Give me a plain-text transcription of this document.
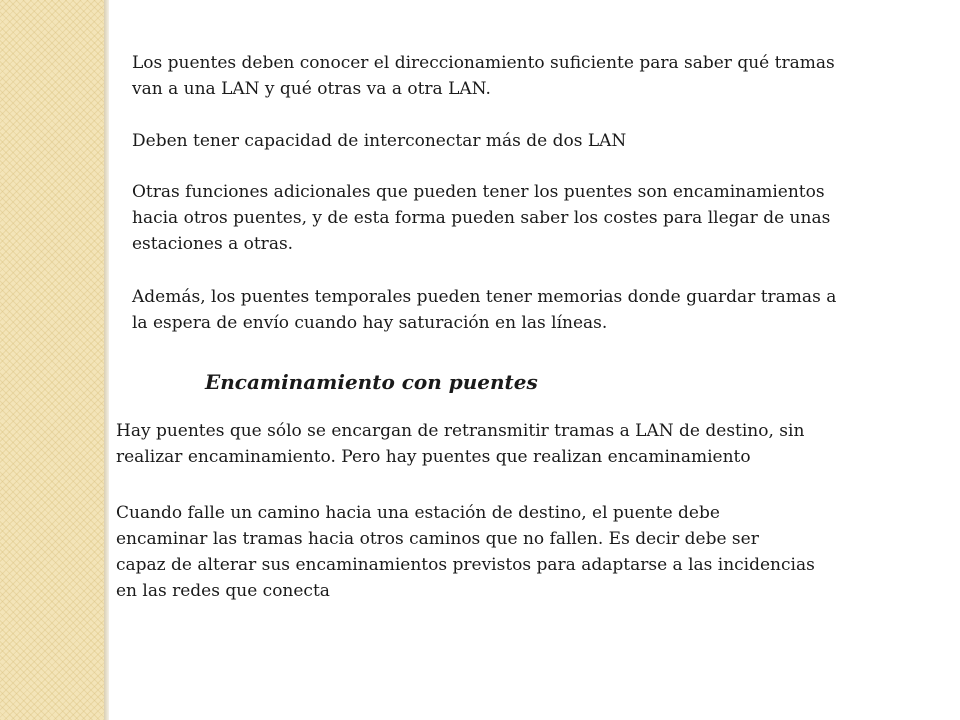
Los puentes deben conocer el direccionamiento suficiente para saber qué tramas
van a una LAN y qué otras va a otra LAN.

Deben tener capacidad de interconectar más de dos LAN

Otras funciones adicionales que pueden tener los puentes son encaminamientos
hacia otros puentes, y de esta forma pueden saber los costes para llegar de unas
estaciones a otras.

Además, los puentes temporales pueden tener memorias donde guardar tramas a
la espera de envío cuando hay saturación en las líneas.

Encaminamiento con puentes

Hay puentes que sólo se encargan de retransmitir tramas a LAN de destino, sin
realizar encaminamiento. Pero hay puentes que realizan encaminamiento

Cuando falle un camino hacia una estación de destino, el puente debe
encaminar las tramas hacia otros caminos que no fallen. Es decir debe ser
capaz de alterar sus encaminamientos previstos para adaptarse a las incidencias
en las redes que conecta
